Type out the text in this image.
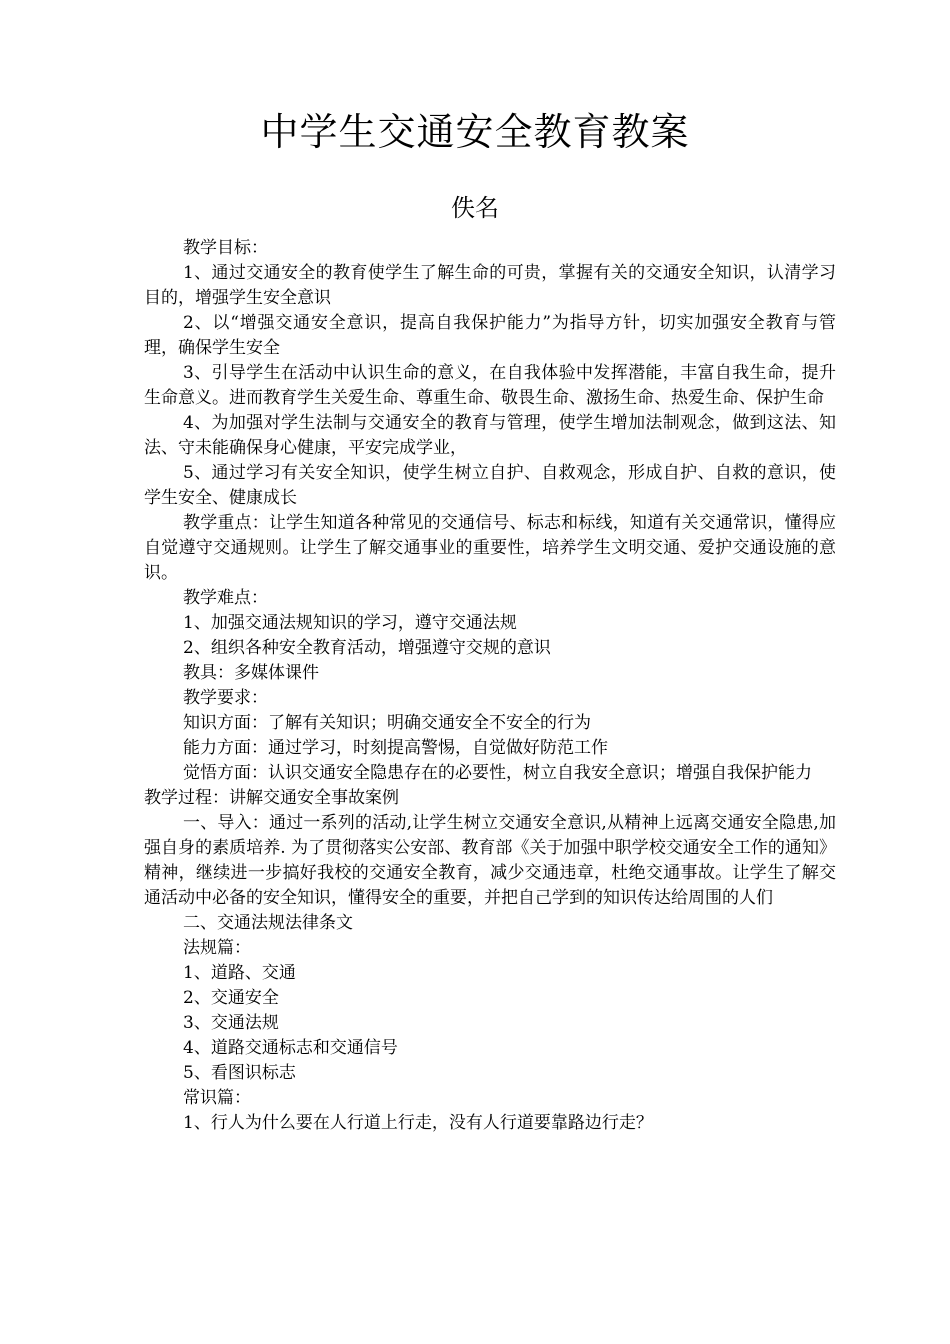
中学生交通安全教育教案
佚名

教学目标：

1、通过交通安全的教育使学生了解生命的可贵，掌握有关的交通安全知识，认清学习目的，增强学生安全意识

2、以“增强交通安全意识，提高自我保护能力”为指导方针，切实加强安全教育与管理，确保学生安全

3、引导学生在活动中认识生命的意义，在自我体验中发挥潜能，丰富自我生命，提升生命意义。进而教育学生关爱生命、尊重生命、敬畏生命、激扬生命、热爱生命、保护生命

4、为加强对学生法制与交通安全的教育与管理，使学生增加法制观念，做到这法、知法、守未能确保身心健康，平安完成学业，

5、通过学习有关安全知识，使学生树立自护、自救观念，形成自护、自救的意识，使学生安全、健康成长

教学重点：让学生知道各种常见的交通信号、标志和标线，知道有关交通常识，懂得应自觉遵守交通规则。让学生了解交通事业的重要性，培养学生文明交通、爱护交通设施的意识。

教学难点：

1、加强交通法规知识的学习，遵守交通法规

2、组织各种安全教育活动，增强遵守交规的意识

教具：多媒体课件

教学要求：

知识方面：了解有关知识；明确交通安全不安全的行为

能力方面：通过学习，时刻提高警惕，自觉做好防范工作

觉悟方面：认识交通安全隐患存在的必要性，树立自我安全意识；增强自我保护能力

教学过程：讲解交通安全事故案例

一、导入：通过一系列的活动,让学生树立交通安全意识,从精神上远离交通安全隐患,加强自身的素质培养. 为了贯彻落实公安部、教育部《关于加强中职学校交通安全工作的通知》精神，继续进一步搞好我校的交通安全教育，减少交通违章，杜绝交通事故。让学生了解交通活动中必备的安全知识，懂得安全的重要，并把自己学到的知识传达给周围的人们

二、交通法规法律条文

法规篇：

1、道路、交通

2、交通安全

3、交通法规

4、道路交通标志和交通信号

5、看图识标志

常识篇：

1、行人为什么要在人行道上行走，没有人行道要靠路边行走？
